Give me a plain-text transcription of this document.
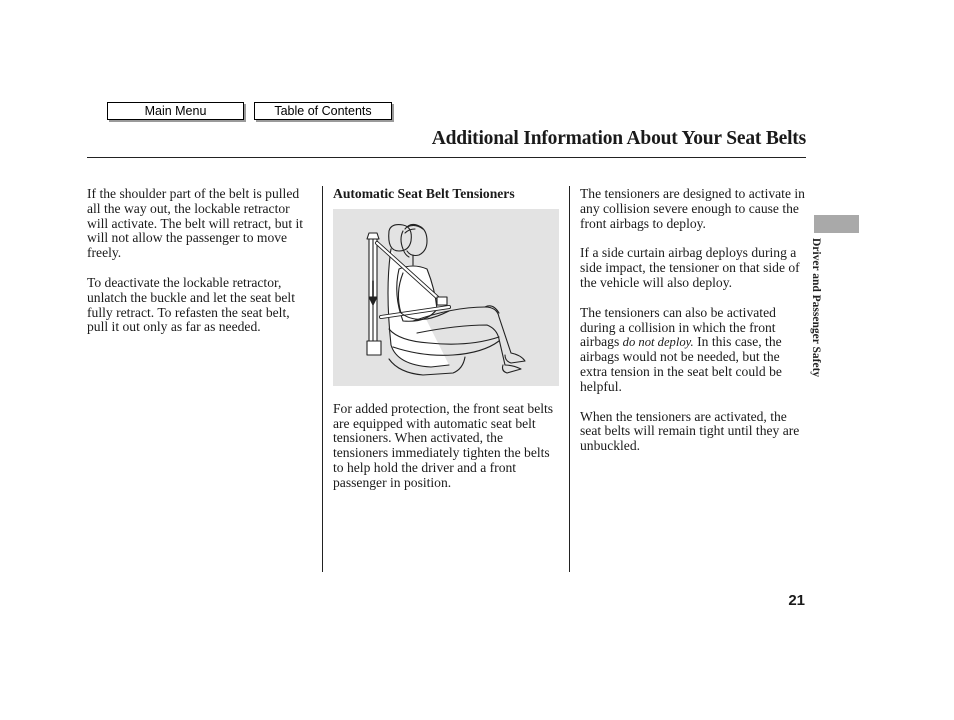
Main Menu	Table of Contents
Additional Information About Your Seat Belts

If the shoulder part of the belt is pulled all the way out, the lockable retractor will activate. The belt will retract, but it will not allow the passenger to move freely.

To deactivate the lockable retractor, unlatch the buckle and let the seat belt fully retract. To refasten the seat belt, pull it out only as far as needed.

Automatic Seat Belt Tensioners

For added protection, the front seat belts are equipped with automatic seat belt tensioners. When activated, the tensioners immediately tighten the belts to help hold the driver and a front passenger in position.

The tensioners are designed to activate in any collision severe enough to cause the front airbags to deploy.

If a side curtain airbag deploys during a side impact, the tensioner on that side of the vehicle will also deploy.

The tensioners can also be activated during a collision in which the front airbags do not deploy. In this case, the airbags would not be needed, but the extra tension in the seat belt could be helpful.

When the tensioners are activated, the seat belts will remain tight until they are unbuckled.

Driver and Passenger Safety
21
